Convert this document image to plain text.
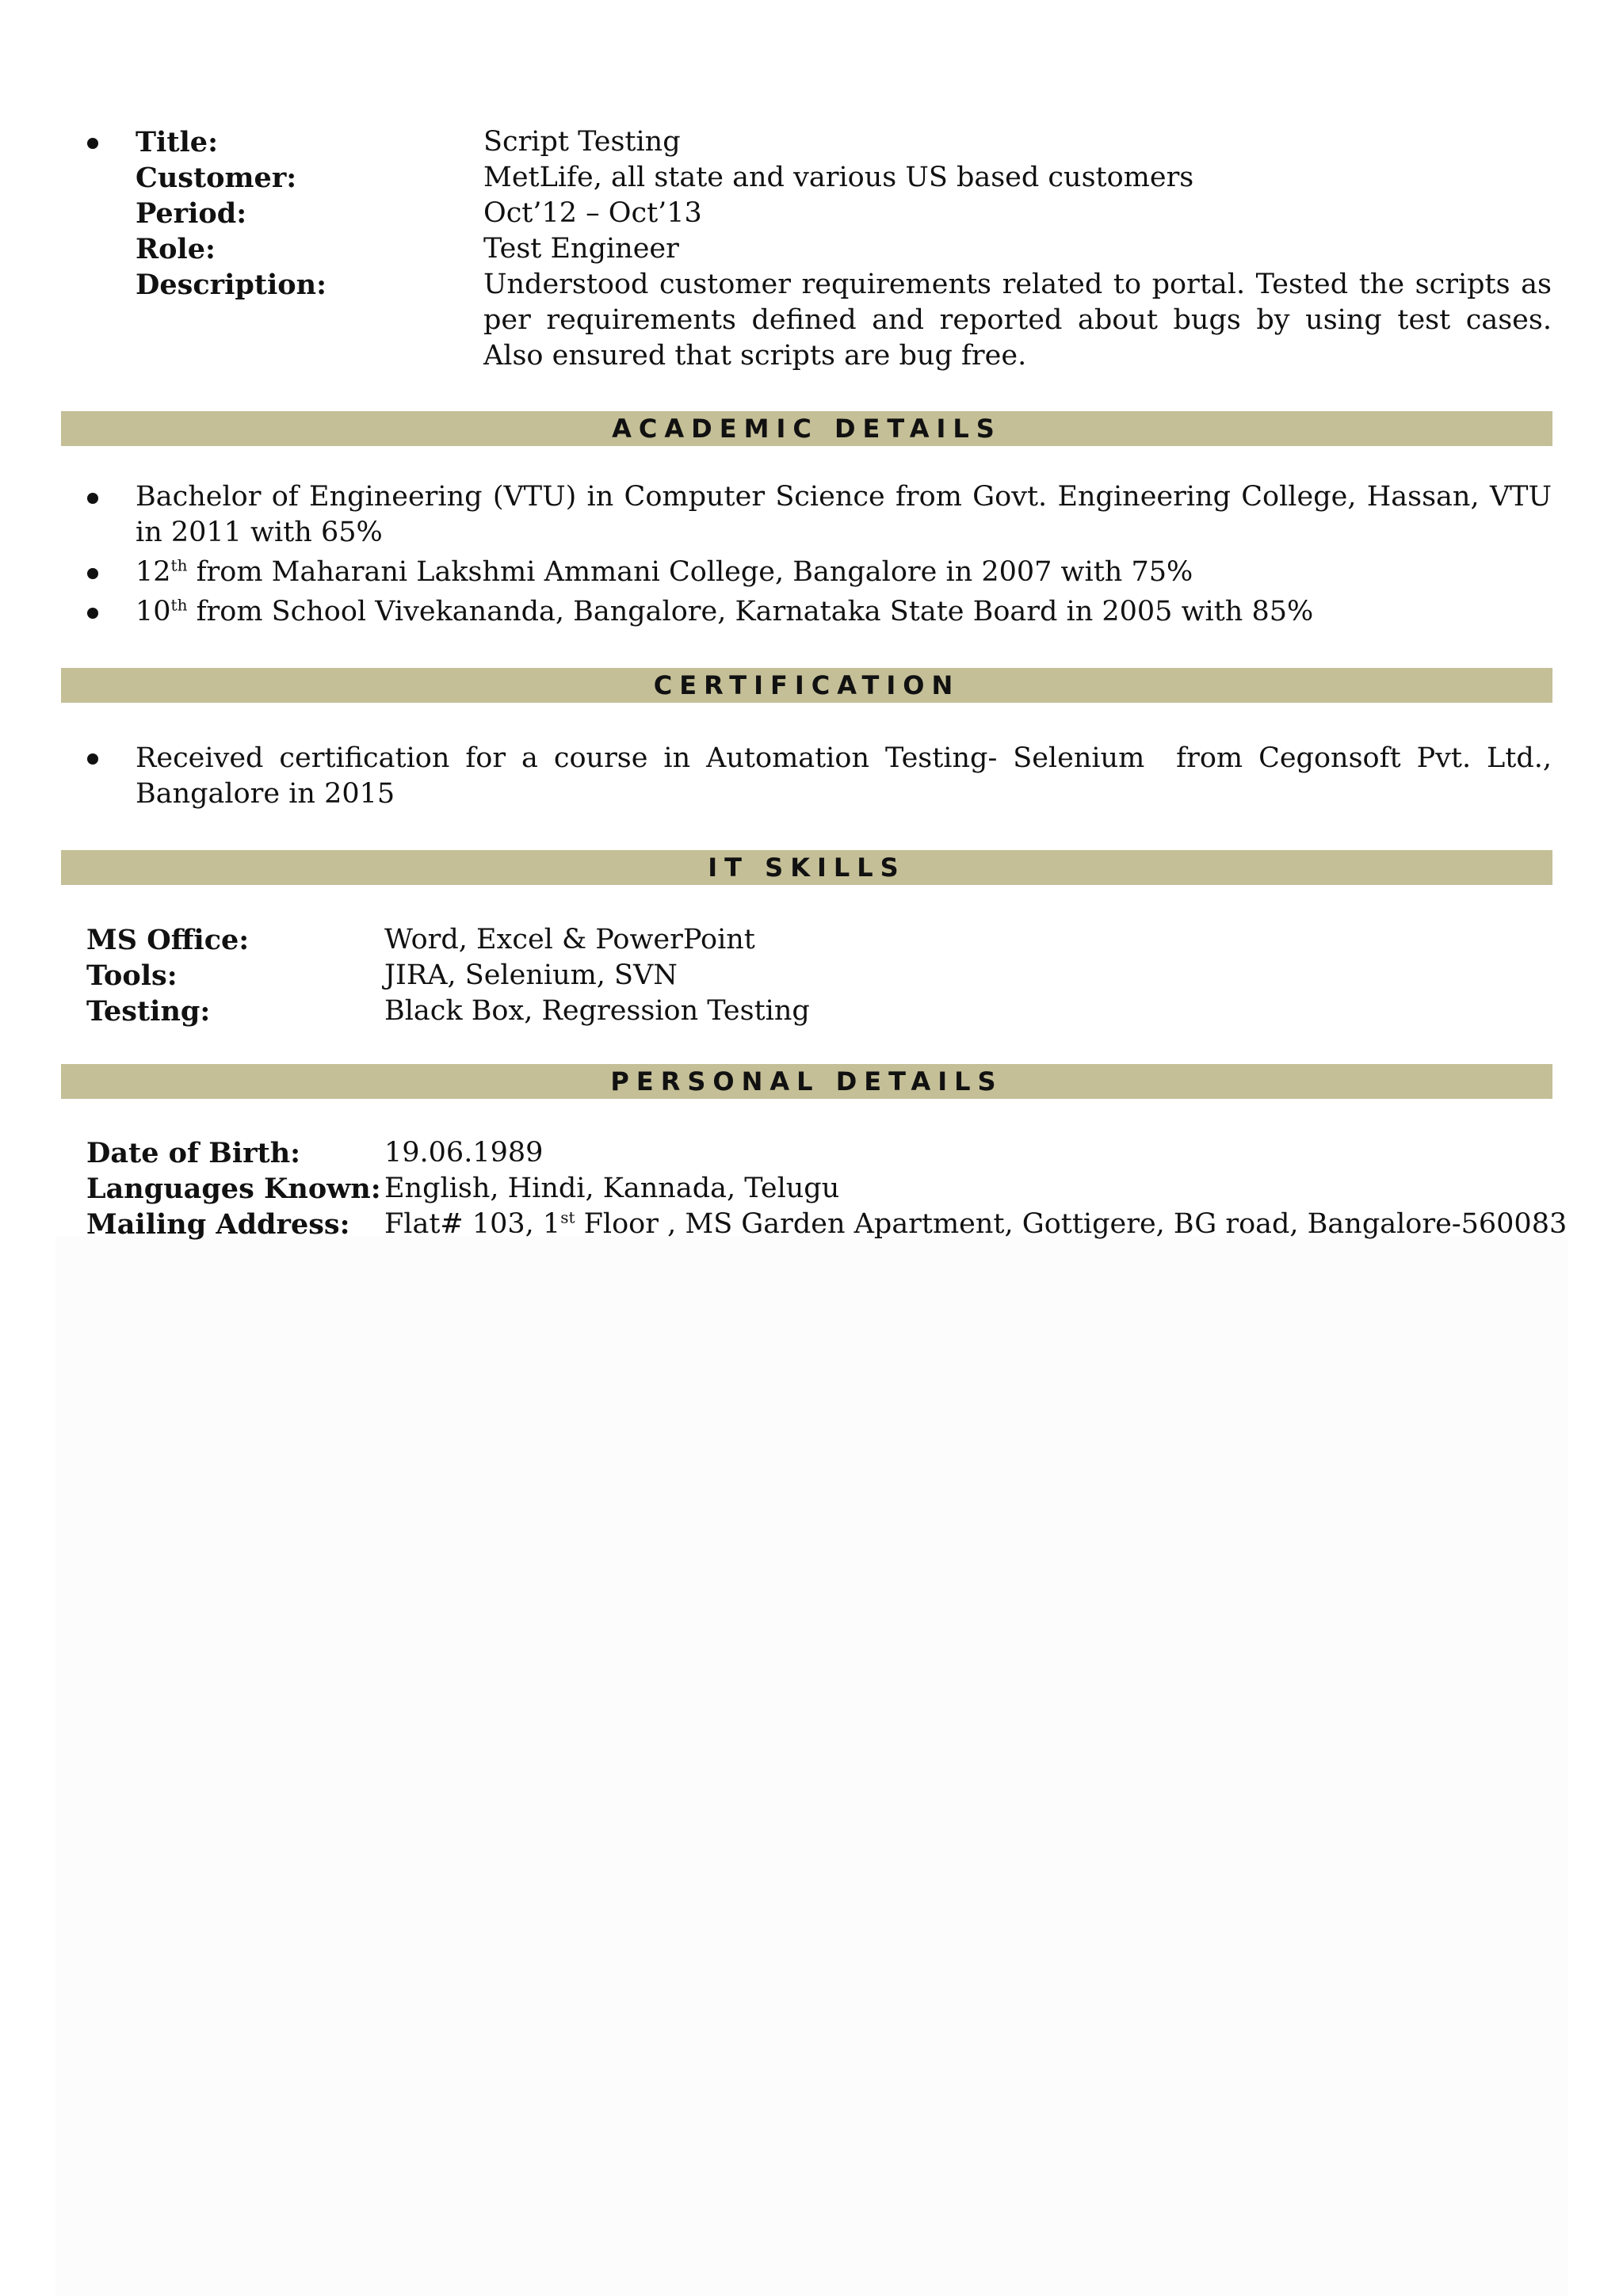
Title:	Script Testing
Customer:	MetLife, all state and various US based customers
Period:	Oct’12 – Oct’13
Role:	Test Engineer
Description:	Understood customer requirements related to portal. Tested the scripts as per requirements defined and reported about bugs by using test cases. Also ensured that scripts are bug free.
ACADEMIC DETAILS
Bachelor of Engineering (VTU) in Computer Science from Govt. Engineering College, Hassan, VTU in 2011 with 65%
12th from Maharani Lakshmi Ammani College, Bangalore in 2007 with 75%
10th from School Vivekananda, Bangalore, Karnataka State Board in 2005 with 85%
CERTIFICATION
Received certification for a course in Automation Testing- Selenium  from Cegonsoft Pvt. Ltd., Bangalore in 2015
IT SKILLS
MS Office:	Word, Excel & PowerPoint
Tools:	JIRA, Selenium, SVN
Testing:	Black Box, Regression Testing
PERSONAL DETAILS
Date of Birth:	19.06.1989
Languages Known: English, Hindi, Kannada, Telugu
Mailing Address: Flat# 103, 1st Floor , MS Garden Apartment, Gottigere, BG road, Bangalore-560083
